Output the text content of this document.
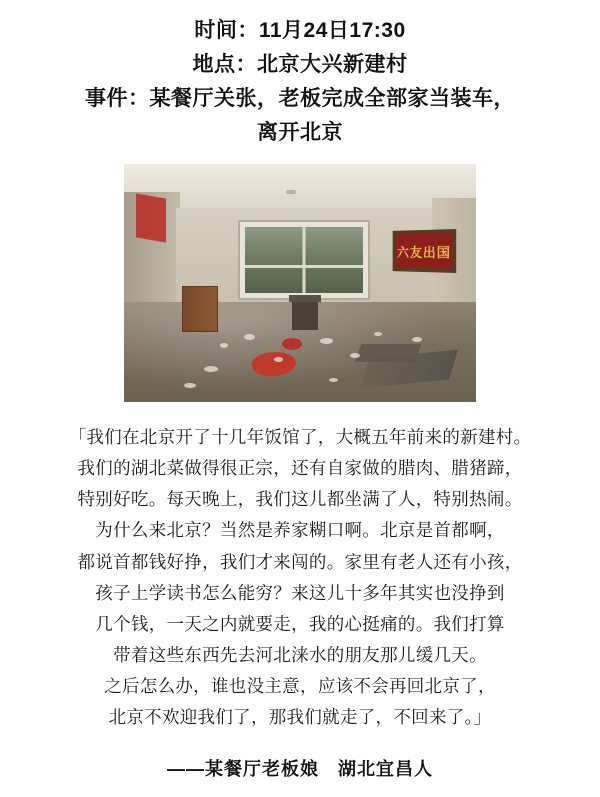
时间：11月24日17:30
地点：北京大兴新建村
事件：某餐厅关张，老板完成全部家当装车，
离开北京
六友出国

「我们在北京开了十几年饭馆了，大概五年前来的新建村。

我们的湖北菜做得很正宗，还有自家做的腊肉、腊猪蹄，

特别好吃。每天晚上，我们这儿都坐满了人，特别热闹。

为什么来北京？当然是养家糊口啊。北京是首都啊，

都说首都钱好挣，我们才来闯的。家里有老人还有小孩，

孩子上学读书怎么能穷？来这儿十多年其实也没挣到

几个钱，一天之内就要走，我的心挺痛的。我们打算

带着这些东西先去河北涞水的朋友那儿缓几天。

之后怎么办，谁也没主意，应该不会再回北京了，

北京不欢迎我们了，那我们就走了，不回来了。」

——某餐厅老板娘　湖北宜昌人
